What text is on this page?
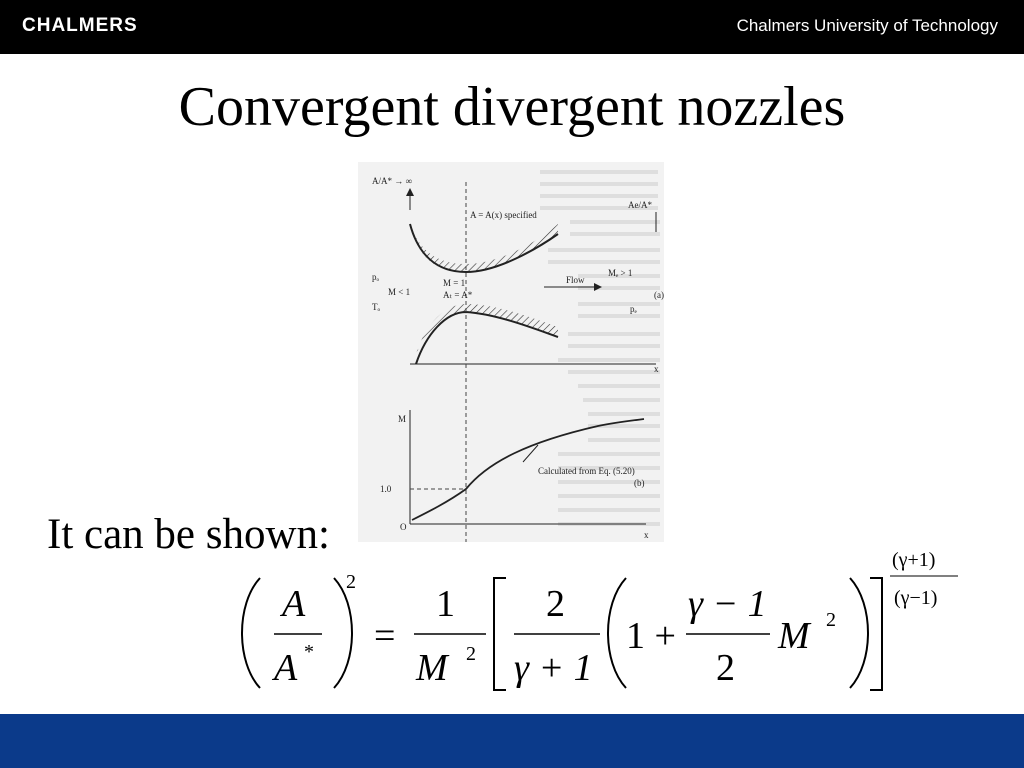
CHALMERS	Chalmers University of Technology
Convergent divergent nozzles
A/A* → ∞
A = A(x) specified
Ae/A*
pₒ
Tₒ
M = 1
Aₜ = A*
M < 1
Flow
Mₑ > 1
pₑ
(a)
x
M
1.0
O
x
Calculated from Eq. (5.20)
(b)
It can be shown:
A
A *
2
=
1
M 2
2
γ + 1
1 +
γ − 1
2
M 2
(γ+1)
(γ−1)
